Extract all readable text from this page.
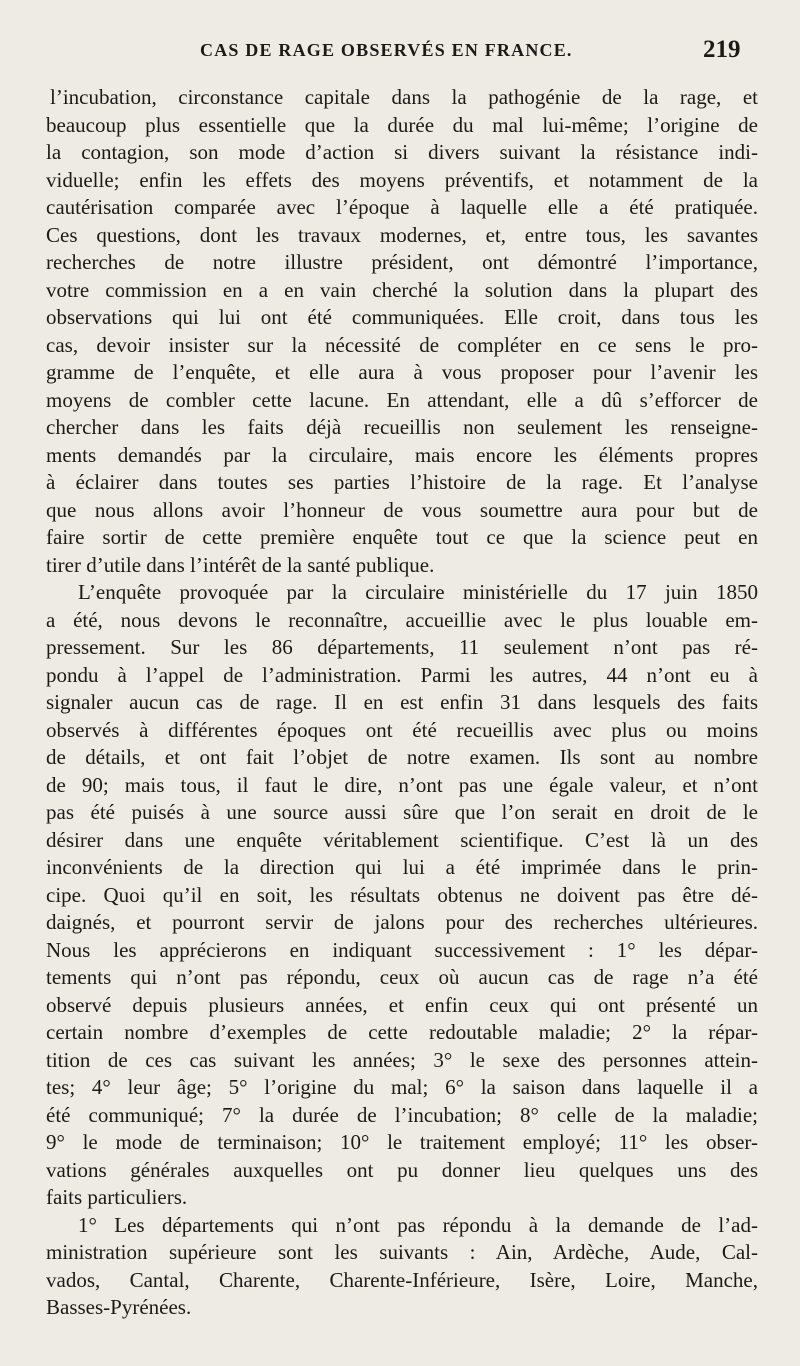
CAS DE RAGE OBSERVÉS EN FRANCE.	219
l’incubation, circonstance capitale dans la pathogénie de la rage, et
beaucoup plus essentielle que la durée du mal lui-même; l’origine de
la contagion, son mode d’action si divers suivant la résistance indi-
viduelle; enfin les effets des moyens préventifs, et notamment de la
cautérisation comparée avec l’époque à laquelle elle a été pratiquée.
Ces questions, dont les travaux modernes, et, entre tous, les savantes
recherches de notre illustre président, ont démontré l’importance,
votre commission en a en vain cherché la solution dans la plupart des
observations qui lui ont été communiquées. Elle croit, dans tous les
cas, devoir insister sur la nécessité de compléter en ce sens le pro-
gramme de l’enquête, et elle aura à vous proposer pour l’avenir les
moyens de combler cette lacune. En attendant, elle a dû s’efforcer de
chercher dans les faits déjà recueillis non seulement les renseigne-
ments demandés par la circulaire, mais encore les éléments propres
à éclairer dans toutes ses parties l’histoire de la rage. Et l’analyse
que nous allons avoir l’honneur de vous soumettre aura pour but de
faire sortir de cette première enquête tout ce que la science peut en
tirer d’utile dans l’intérêt de la santé publique.
L’enquête provoquée par la circulaire ministérielle du 17 juin 1850
a été, nous devons le reconnaître, accueillie avec le plus louable em-
pressement. Sur les 86 départements, 11 seulement n’ont pas ré-
pondu à l’appel de l’administration. Parmi les autres, 44 n’ont eu à
signaler aucun cas de rage. Il en est enfin 31 dans lesquels des faits
observés à différentes époques ont été recueillis avec plus ou moins
de détails, et ont fait l’objet de notre examen. Ils sont au nombre
de 90; mais tous, il faut le dire, n’ont pas une égale valeur, et n’ont
pas été puisés à une source aussi sûre que l’on serait en droit de le
désirer dans une enquête véritablement scientifique. C’est là un des
inconvénients de la direction qui lui a été imprimée dans le prin-
cipe. Quoi qu’il en soit, les résultats obtenus ne doivent pas être dé-
daignés, et pourront servir de jalons pour des recherches ultérieures.
Nous les apprécierons en indiquant successivement : 1° les dépar-
tements qui n’ont pas répondu, ceux où aucun cas de rage n’a été
observé depuis plusieurs années, et enfin ceux qui ont présenté un
certain nombre d’exemples de cette redoutable maladie; 2° la répar-
tition de ces cas suivant les années; 3° le sexe des personnes attein-
tes; 4° leur âge; 5° l’origine du mal; 6° la saison dans laquelle il a
été communiqué; 7° la durée de l’incubation; 8° celle de la maladie;
9° le mode de terminaison; 10° le traitement employé; 11° les obser-
vations générales auxquelles ont pu donner lieu quelques uns des
faits particuliers.
1° Les départements qui n’ont pas répondu à la demande de l’ad-
ministration supérieure sont les suivants : Ain, Ardèche, Aude, Cal-
vados, Cantal, Charente, Charente-Inférieure, Isère, Loire, Manche,
Basses-Pyrénées.
